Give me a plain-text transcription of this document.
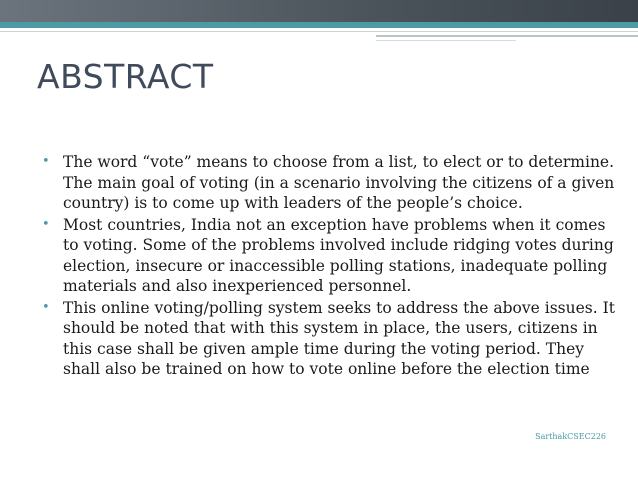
ABSTRACT
• The word “vote” means to choose from a list, to elect or to determine. The main goal of voting (in a scenario involving the citizens of a given country) is to come up with leaders of the people’s choice.
• Most countries, India not an exception have problems when it comes to voting. Some of the problems involved include ridging votes during election, insecure or inaccessible polling stations, inadequate polling materials and also inexperienced personnel.
• This online voting/polling system seeks to address the above issues. It should be noted that with this system in place, the users, citizens in this case shall be given ample time during the voting period. They shall also be trained on how to vote online before the election time
SarthakCSEC226
